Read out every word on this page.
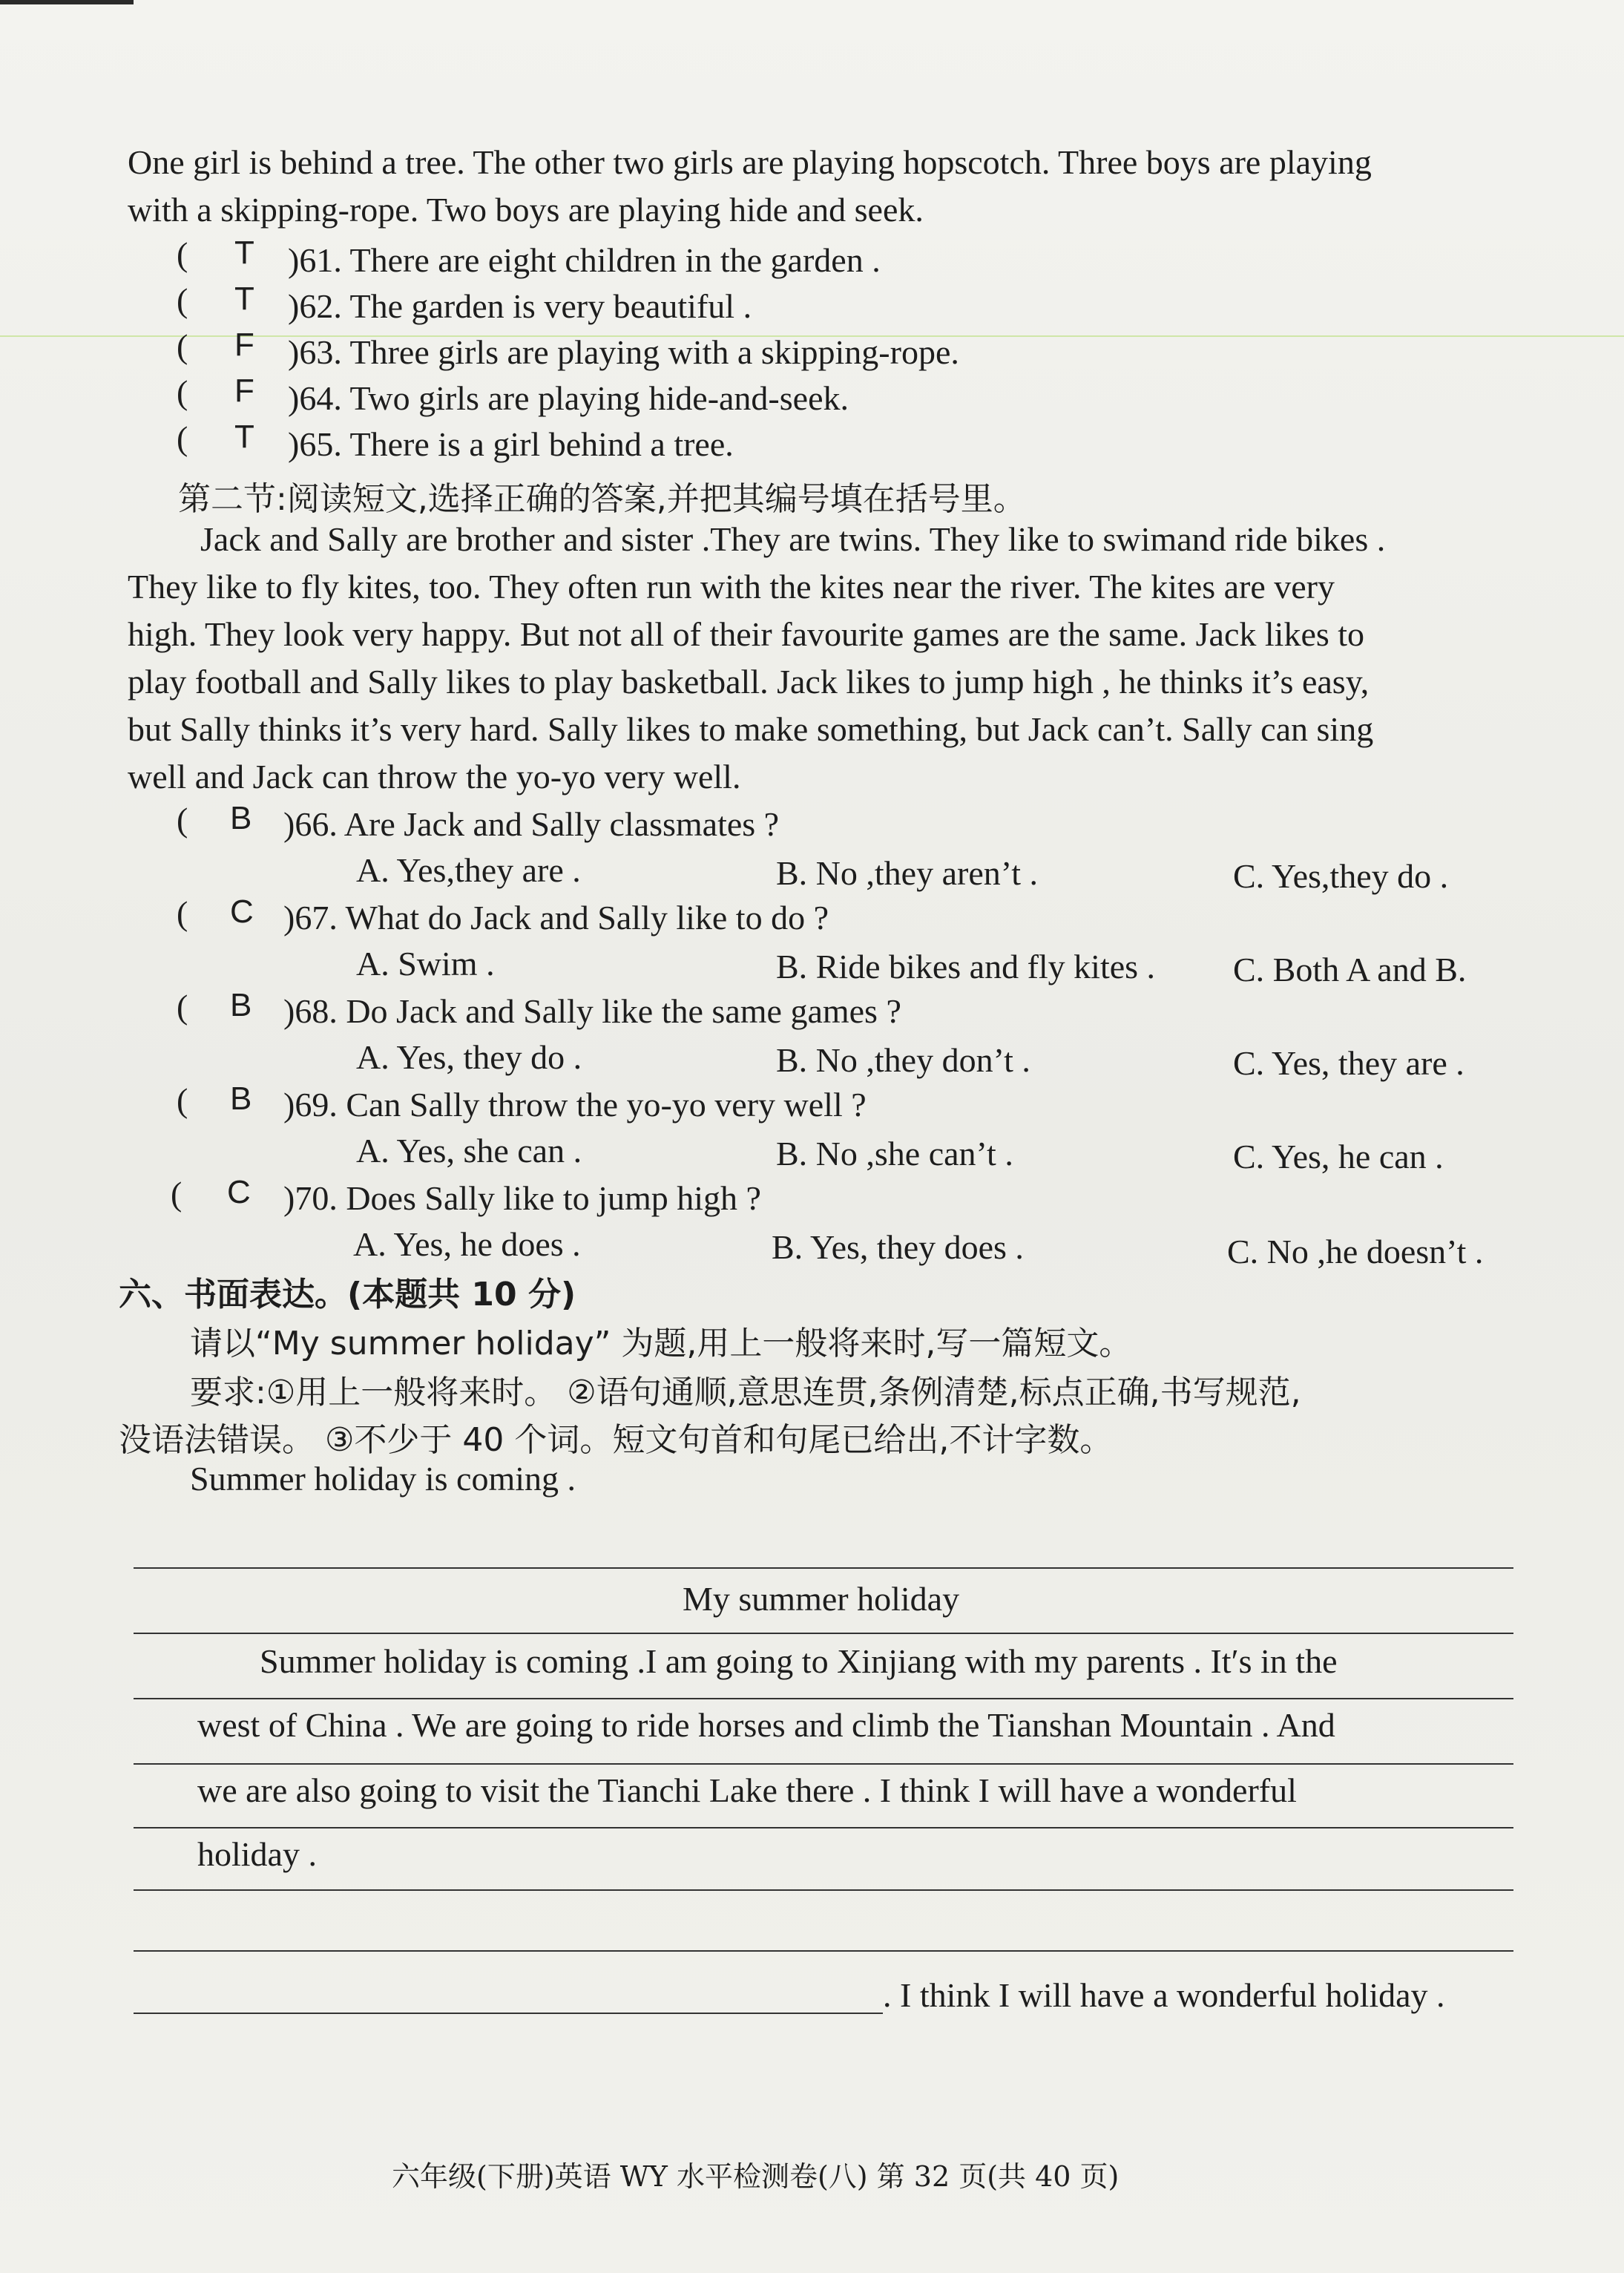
One girl is behind a tree. The other two girls are playing hopscotch. Three boys are playing
with a skipping-rope. Two boys are playing hide and seek.
( T )61. There are eight children in the garden .
( T )62. The garden is very beautiful .
( F )63. Three girls are playing with a skipping-rope.
( F )64. Two girls are playing hide-and-seek.
( T )65. There is a girl behind a tree.
第二节:阅读短文,选择正确的答案,并把其编号填在括号里。
Jack and Sally are brother and sister .They are twins. They like to swimand ride bikes .
They like to fly kites, too. They often run with the kites near the river. The kites are very
high. They look very happy. But not all of their favourite games are the same. Jack likes to
play football and Sally likes to play basketball. Jack likes to jump high , he thinks it’s easy,
but Sally thinks it’s very hard. Sally likes to make something, but Jack can’t. Sally can sing
well and Jack can throw the yo-yo very well.
( B )66. Are Jack and Sally classmates ?
A. Yes,they are .	B. No ,they aren’t .	C. Yes,they do .
( C )67. What do Jack and Sally like to do ?
A. Swim .	B. Ride bikes and fly kites . C. Both A and B.
( B )68. Do Jack and Sally like the same games ?
A. Yes, they do .	B. No ,they don’t .	C. Yes, they are .
( B )69. Can Sally throw the yo-yo very well ?
A. Yes, she can .	B. No ,she can’t .	C. Yes, he can .
( C )70. Does Sally like to jump high ?
A. Yes, he does .	B. Yes, they does .	C. No ,he doesn’t .
六、书面表达。(本题共 10 分)
请以“My summer holiday” 为题,用上一般将来时,写一篇短文。
要求:①用上一般将来时。 ②语句通顺,意思连贯,条例清楚,标点正确,书写规范,
没语法错误。 ③不少于 40 个词。短文句首和句尾已给出,不计字数。
Summer holiday is coming .
My summer holiday
Summer holiday is coming .I am going to Xinjiang with my parents . It′s in the
west of China . We are going to ride horses and climb the Tianshan Mountain . And
we are also going to visit the Tianchi Lake there . I think I will have a wonderful
holiday .
. I think I will have a wonderful holiday .
六年级(下册)英语 WY 水平检测卷(八) 第 32 页(共 40 页)
